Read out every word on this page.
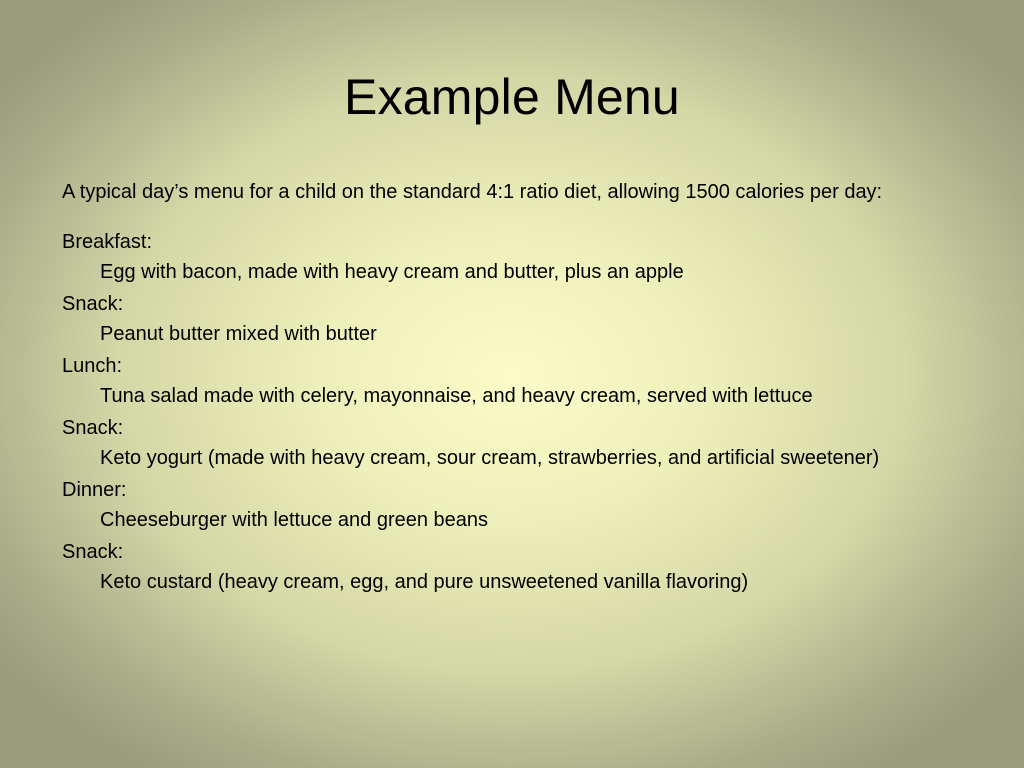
Example Menu
A typical day’s menu for a child on the standard 4:1 ratio diet, allowing 1500 calories per day:
Breakfast:
Egg with bacon, made with heavy cream and butter, plus an apple
Snack:
Peanut butter mixed with butter
Lunch:
Tuna salad made with celery, mayonnaise, and heavy cream, served with lettuce
Snack:
Keto yogurt (made with heavy cream, sour cream, strawberries, and artificial sweetener)
Dinner:
Cheeseburger with lettuce and green beans
Snack:
Keto custard (heavy cream, egg, and pure unsweetened vanilla flavoring)
